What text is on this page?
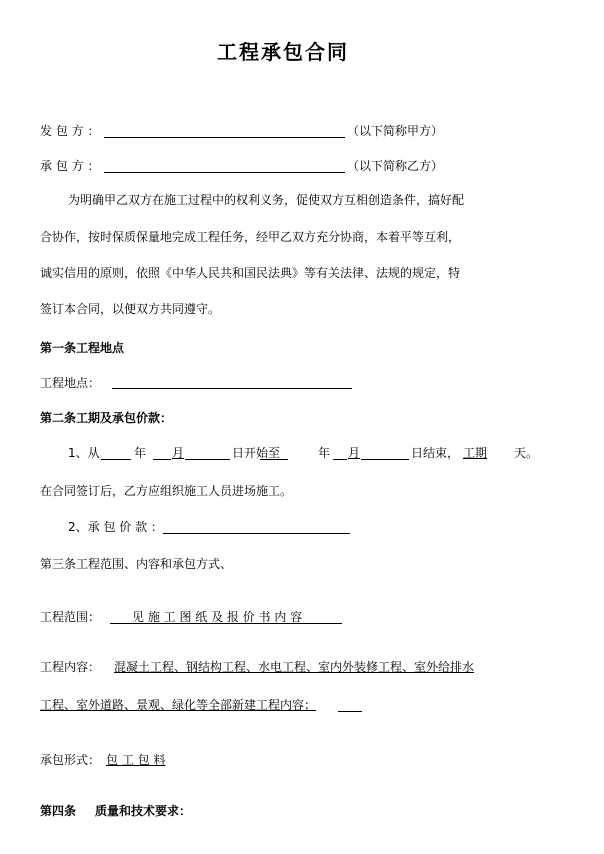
工程承包合同
发 包 方 ：	（以下简称甲方）
承 包 方 ：	（以下简称乙方）
为明确甲乙双方在施工过程中的权利义务，促使双方互相创造条件，搞好配
合协作，按时保质保量地完成工程任务，经甲乙双方充分协商，本着平等互利，
诚实信用的原则，依照《中华人民共和国民法典》等有关法律、法规的规定，特
签订本合同，以便双方共同遵守。
第一条工程地点
工程地点：
第二条工期及承包价款：
1、从	年 月	日开始至	年 月	日结束， 工期 天。
在合同签订后，乙方应组织施工人员进场施工。
2、承 包 价 款 ：
第三条工程范围、内容和承包方式、
工程范围：	见 施 工 图 纸 及 报 价 书 内 容
工程内容： 混凝土工程、钢结构工程、水电工程、室内外装修工程、室外给排水
工程、室外道路、景观、绿化等全部新建工程内容；
承包形式： 包 工 包 料
第四条 质量和技术要求：
